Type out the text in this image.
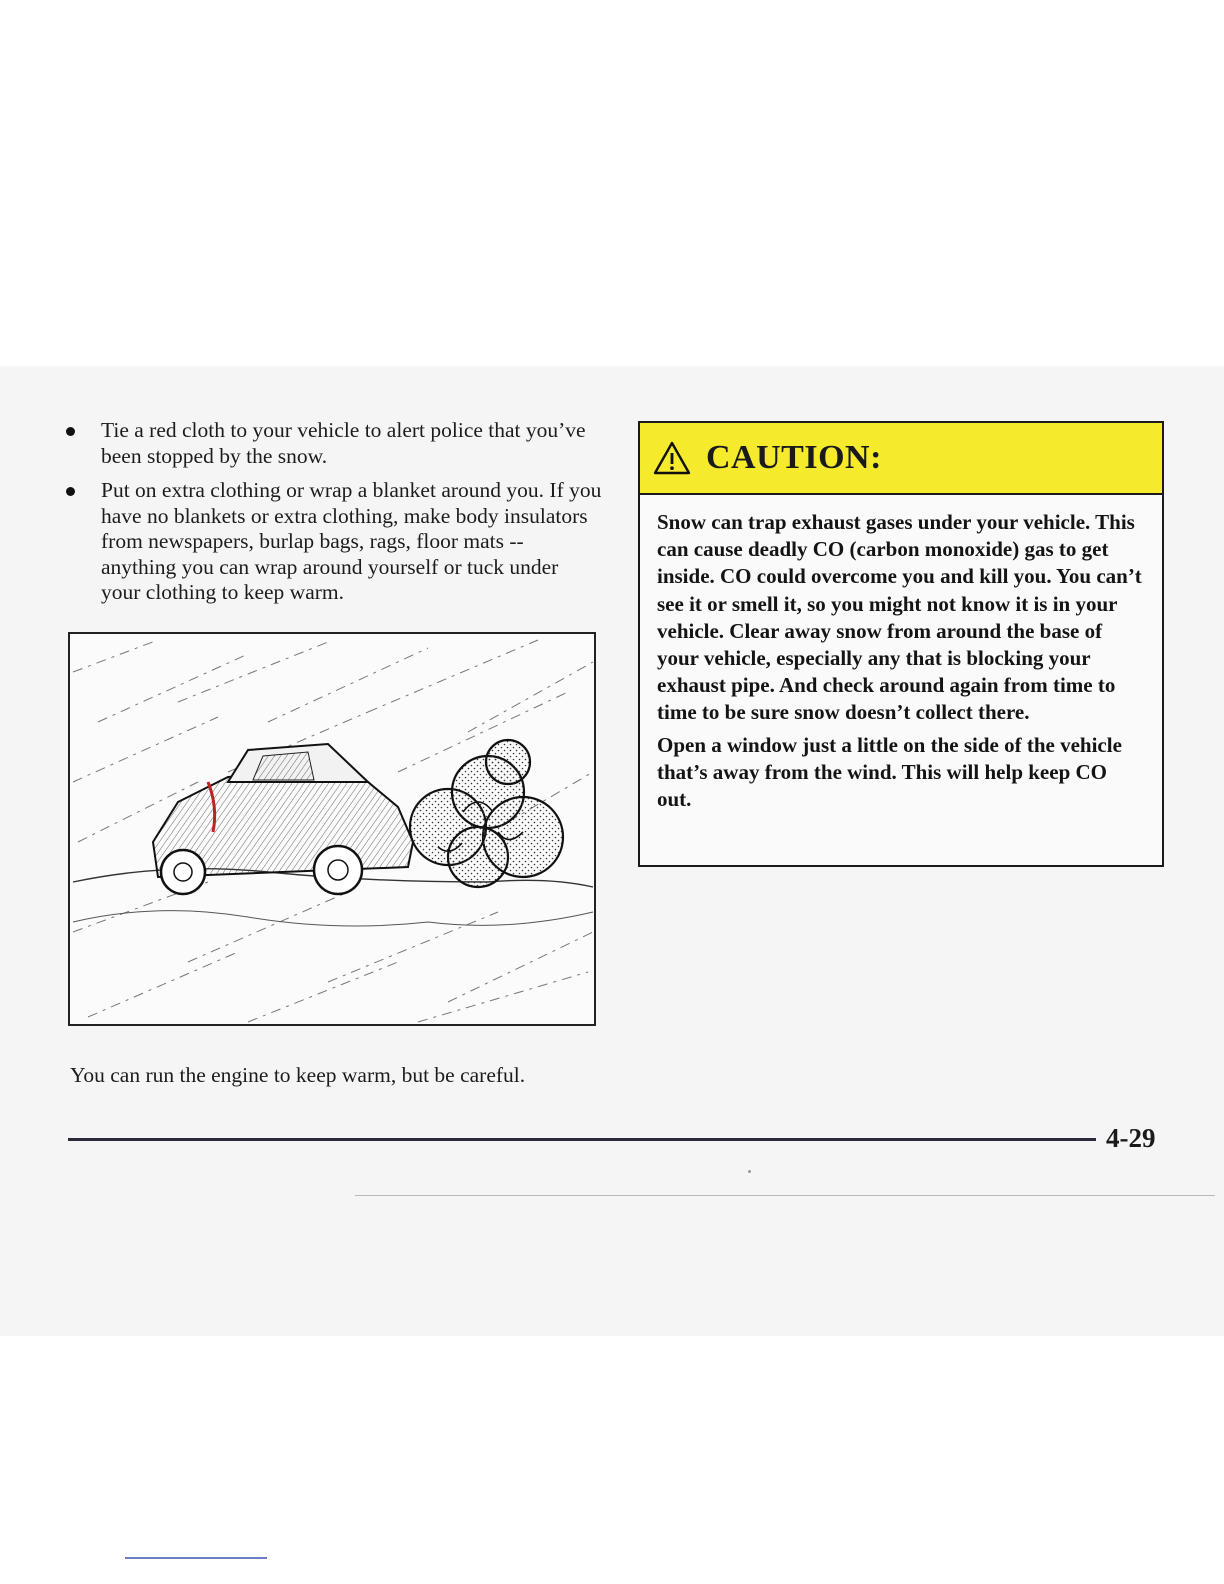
Tie a red cloth to your vehicle to alert police that you’ve been stopped by the snow.
Put on extra clothing or wrap a blanket around you. If you have no blankets or extra clothing, make body insulators from newspapers, burlap bags, rags, floor mats -- anything you can wrap around yourself or tuck under your clothing to keep warm.
You can run the engine to keep warm, but be careful.
CAUTION:

Snow can trap exhaust gases under your vehicle. This can cause deadly CO (carbon monoxide) gas to get inside. CO could overcome you and kill you. You can’t see it or smell it, so you might not know it is in your vehicle. Clear away snow from around the base of your vehicle, especially any that is blocking your exhaust pipe. And check around again from time to time to be sure snow doesn’t collect there.

Open a window just a little on the side of the vehicle that’s away from the wind. This will help keep CO out.

4-29
